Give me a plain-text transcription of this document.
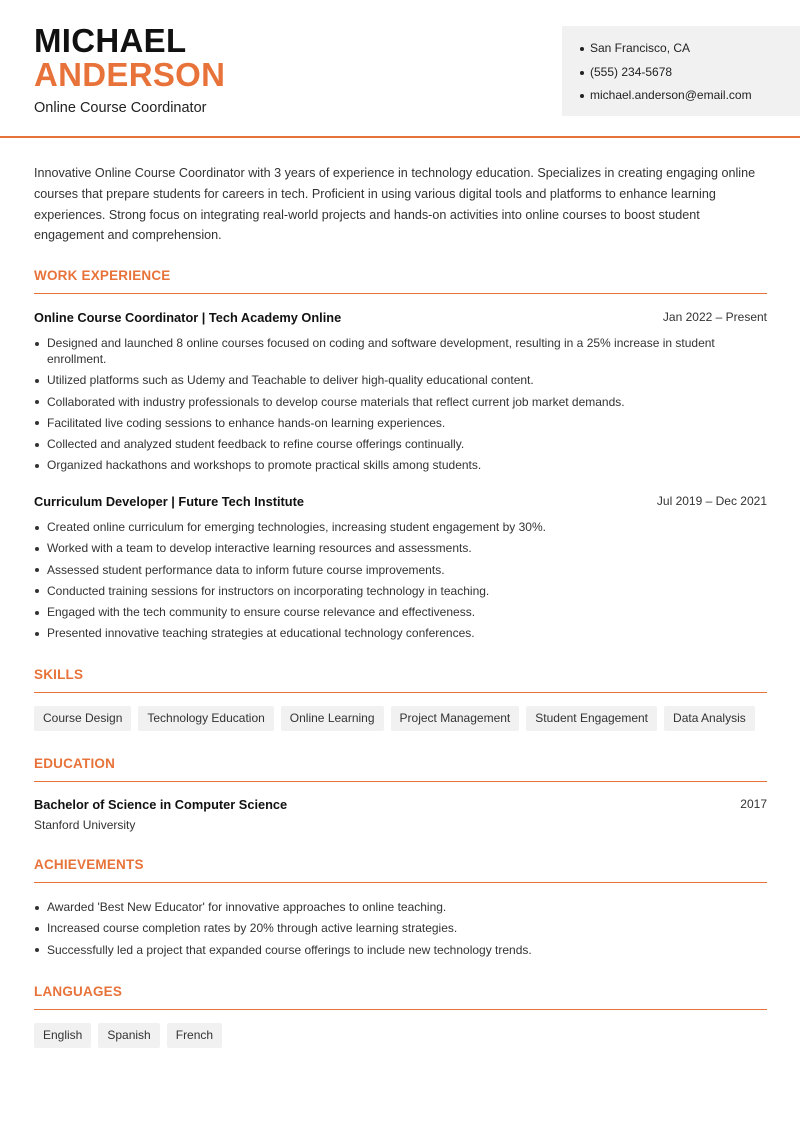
MICHAEL
ANDERSON
Online Course Coordinator
San Francisco, CA
(555) 234-5678
michael.anderson@email.com
Innovative Online Course Coordinator with 3 years of experience in technology education. Specializes in creating engaging online courses that prepare students for careers in tech. Proficient in using various digital tools and platforms to enhance learning experiences. Strong focus on integrating real-world projects and hands-on activities into online courses to boost student engagement and comprehension.
WORK EXPERIENCE
Online Course Coordinator | Tech Academy Online	Jan 2022 – Present
Designed and launched 8 online courses focused on coding and software development, resulting in a 25% increase in student enrollment.
Utilized platforms such as Udemy and Teachable to deliver high-quality educational content.
Collaborated with industry professionals to develop course materials that reflect current job market demands.
Facilitated live coding sessions to enhance hands-on learning experiences.
Collected and analyzed student feedback to refine course offerings continually.
Organized hackathons and workshops to promote practical skills among students.
Curriculum Developer | Future Tech Institute	Jul 2019 – Dec 2021
Created online curriculum for emerging technologies, increasing student engagement by 30%.
Worked with a team to develop interactive learning resources and assessments.
Assessed student performance data to inform future course improvements.
Conducted training sessions for instructors on incorporating technology in teaching.
Engaged with the tech community to ensure course relevance and effectiveness.
Presented innovative teaching strategies at educational technology conferences.
SKILLS
Course Design	Technology Education	Online Learning	Project Management	Student Engagement	Data Analysis
EDUCATION
Bachelor of Science in Computer Science	2017
Stanford University
ACHIEVEMENTS
Awarded 'Best New Educator' for innovative approaches to online teaching.
Increased course completion rates by 20% through active learning strategies.
Successfully led a project that expanded course offerings to include new technology trends.
LANGUAGES
English	Spanish	French
